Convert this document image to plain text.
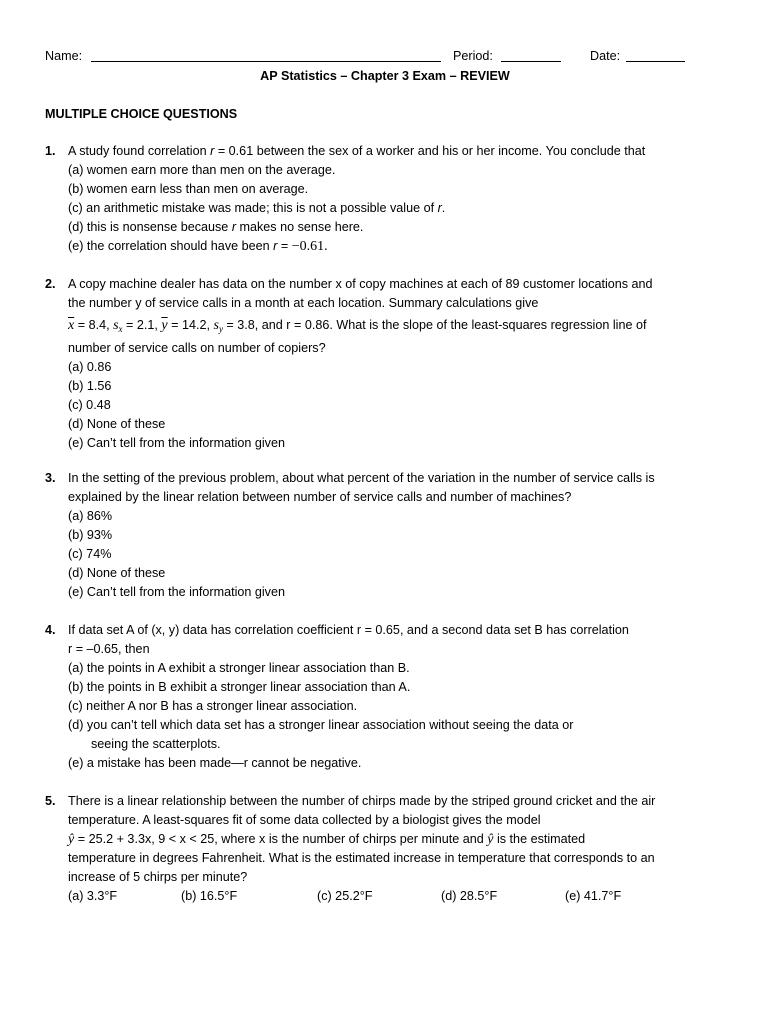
Name:	Period:	Date:
AP Statistics – Chapter 3 Exam – REVIEW
MULTIPLE CHOICE QUESTIONS
1. A study found correlation r = 0.61 between the sex of a worker and his or her income. You conclude that
(a) women earn more than men on the average.
(b) women earn less than men on average.
(c) an arithmetic mistake was made; this is not a possible value of r.
(d) this is nonsense because r makes no sense here.
(e) the correlation should have been r = −0.61.
2. A copy machine dealer has data on the number x of copy machines at each of 89 customer locations and
the number y of service calls in a month at each location. Summary calculations give
$\overline{x} = 8.4$, $s_x = 2.1$, $\overline{y} = 14.2$, $s_y = 3.8$, and r = 0.86. What is the slope of the least-squares regression line of
number of service calls on number of copiers?
(a) 0.86
(b) 1.56
(c) 0.48
(d) None of these
(e) Can’t tell from the information given
3. In the setting of the previous problem, about what percent of the variation in the number of service calls is
explained by the linear relation between number of service calls and number of machines?
(a) 86%
(b) 93%
(c) 74%
(d) None of these
(e) Can’t tell from the information given
4. If data set A of (x, y) data has correlation coefficient r = 0.65, and a second data set B has correlation
r = –0.65, then
(a) the points in A exhibit a stronger linear association than B.
(b) the points in B exhibit a stronger linear association than A.
(c) neither A nor B has a stronger linear association.
(d) you can’t tell which data set has a stronger linear association without seeing the data or
seeing the scatterplots.
(e) a mistake has been made—r cannot be negative.
5. There is a linear relationship between the number of chirps made by the striped ground cricket and the air
temperature. A least-squares fit of some data collected by a biologist gives the model
ŷ = 25.2 + 3.3x, 9 < x < 25, where x is the number of chirps per minute and ŷ is the estimated
temperature in degrees Fahrenheit. What is the estimated increase in temperature that corresponds to an
increase of 5 chirps per minute?
(a) 3.3°F	(b) 16.5°F	(c) 25.2°F	(d) 28.5°F	(e) 41.7°F
